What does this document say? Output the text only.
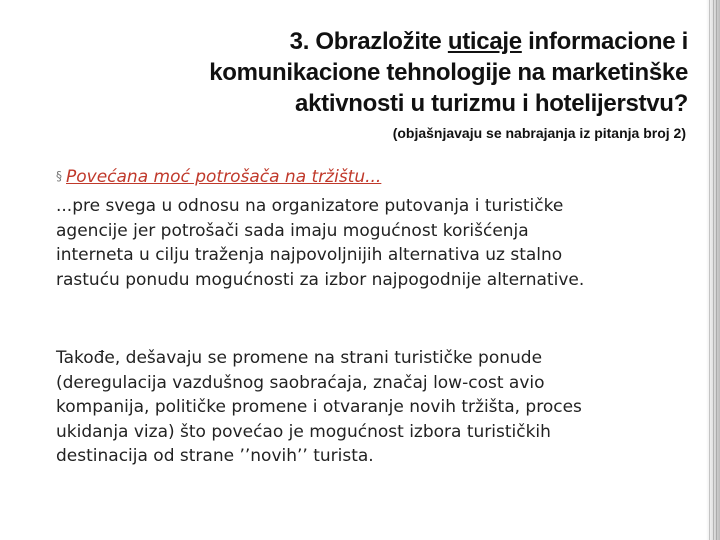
3. Obrazložite uticaje informacione i
komunikacione tehnologije na marketinške
aktivnosti u turizmu i hotelijerstvu?
(objašnjavaju se nabrajanja iz pitanja broj 2)
§ Povećana moć potrošača na tržištu...
...pre svega u odnosu na organizatore putovanja i turističke
agencije jer potrošači sada imaju mogućnost korišćenja
interneta u cilju traženja najpovoljnijih alternativa uz stalno
rastuću ponudu mogućnosti za izbor najpogodnije alternative.
Takođe, dešavaju se promene na strani turističke ponude
(deregulacija vazdušnog saobraćaja, značaj low-cost avio
kompanija, političke promene i otvaranje novih tržišta, proces
ukidanja viza) što povećao je mogućnost izbora turističkih
destinacija od strane ’’novih’’ turista.
